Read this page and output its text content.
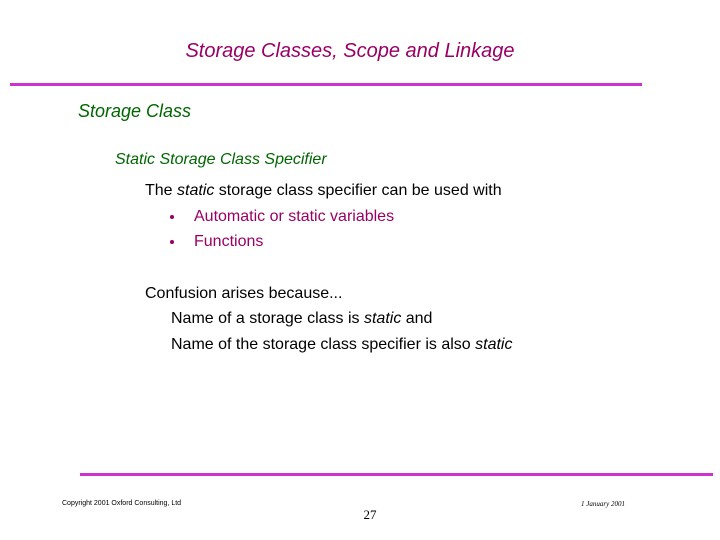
Storage Classes, Scope and Linkage
Storage Class
Static Storage Class Specifier
The static storage class specifier can be used with
Automatic or static variables
Functions
Confusion arises because...
Name of a storage class is static and
Name of the storage class specifier is also static
Copyright 2001 Oxford Consulting, Ltd
27
1 January 2001
